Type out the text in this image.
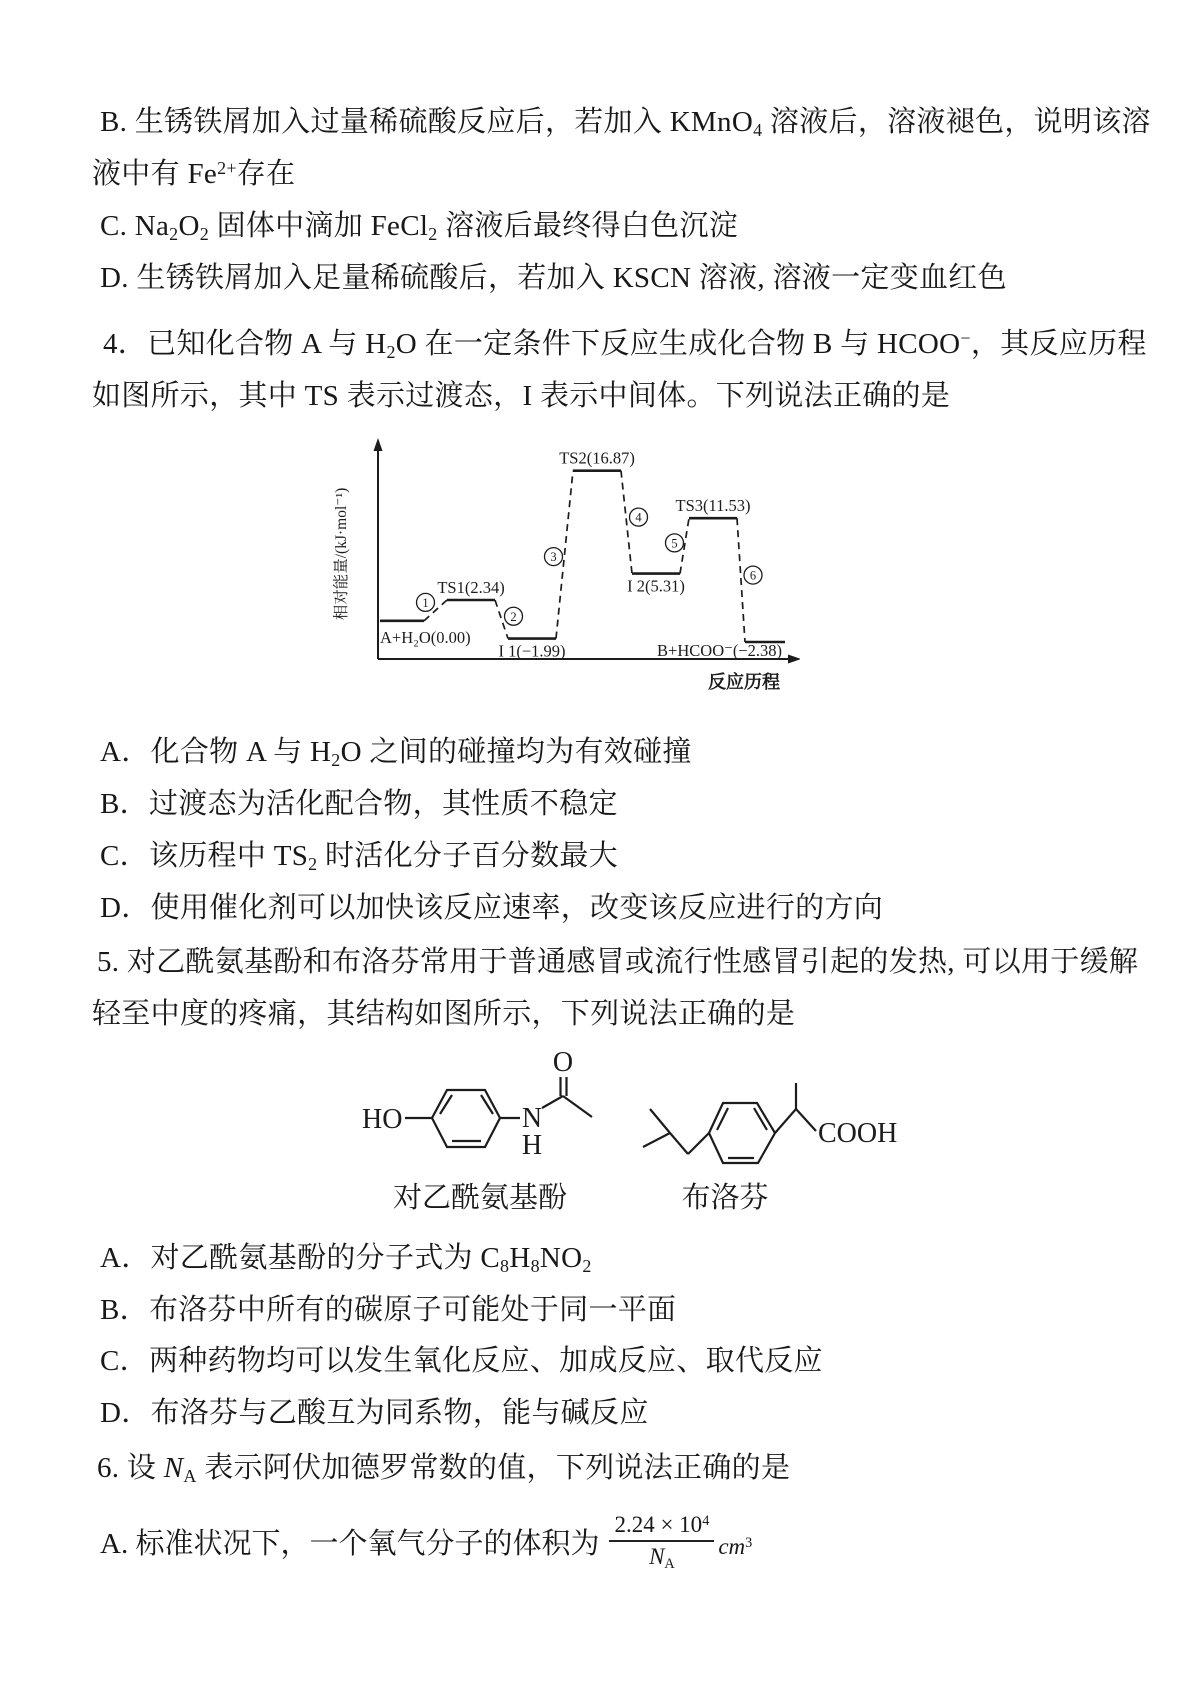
B. 生锈铁屑加入过量稀硫酸反应后，若加入 KMnO$_4$ 溶液后，溶液褪色，说明该溶
液中有 $Fe^{2+}$存在
C. $Na_2O_2$ 固体中滴加 FeCl$_2$ 溶液后最终得白色沉淀
D. 生锈铁屑加入足量稀硫酸后，若加入 KSCN 溶液, 溶液一定变血红色
4．已知化合物 A 与 $H_2O$ 在一定条件下反应生成化合物 B 与 HCOO−，其反应历程
如图所示，其中 TS 表示过渡态，I 表示中间体。下列说法正确的是
相对能量/(kJ·mol⁻¹)
反应历程
A+H₂O(0.00)
TS1(2.34)
I 1(−1.99)
TS2(16.87)
I 2(5.31)
TS3(11.53)
B+HCOO⁻(−2.38)
1
2
3
4
5
6
A．化合物 A 与 $H_2O$ 之间的碰撞均为有效碰撞
B．过渡态为活化配合物，其性质不稳定
C．该历程中 $TS_2$ 时活化分子百分数最大
D．使用催化剂可以加快该反应速率，改变该反应进行的方向
5. 对乙酰氨基酚和布洛芬常用于普通感冒或流行性感冒引起的发热, 可以用于缓解
轻至中度的疼痛，其结构如图所示，下列说法正确的是
HO	N
H
O
COOH
对乙酰氨基酚	布洛芬
A．对乙酰氨基酚的分子式为 $C_8H_8NO_2$
B．布洛芬中所有的碳原子可能处于同一平面
C．两种药物均可以发生氧化反应、加成反应、取代反应
D．布洛芬与乙酸互为同系物，能与碱反应
6. 设 $N_A$ 表示阿伏加德罗常数的值，下列说法正确的是
A. 标准状况下，一个氧气分子的体积为 $\frac{2.24 \times 10^4}{N_A} cm^3$
